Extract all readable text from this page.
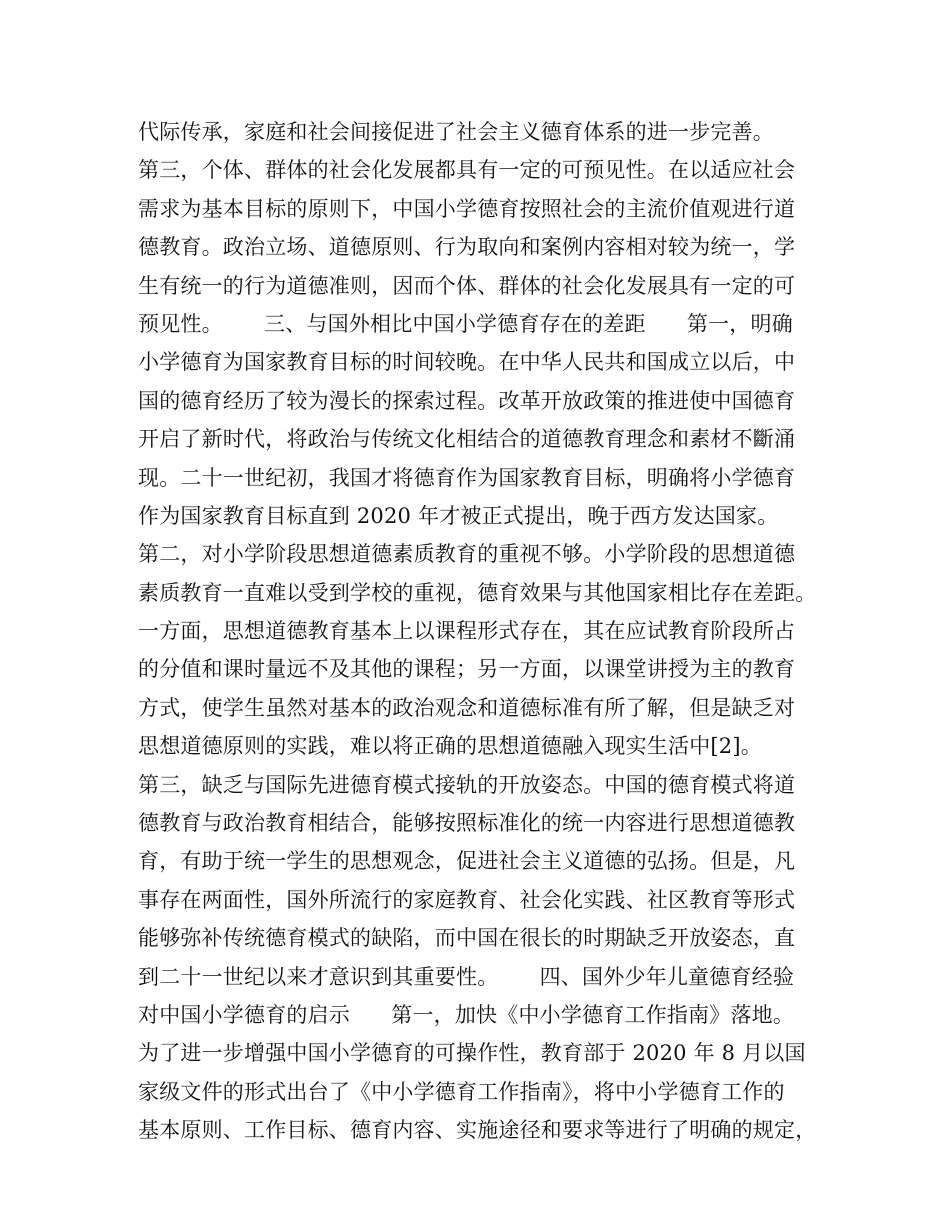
代际传承，家庭和社会间接促进了社会主义德育体系的进一步完善。
第三，个体、群体的社会化发展都具有一定的可预见性。在以适应社会
需求为基本目标的原则下，中国小学德育按照社会的主流价值观进行道
德教育。政治立场、道德原则、行为取向和案例内容相对较为统一，学
生有统一的行为道德准则，因而个体、群体的社会化发展具有一定的可
预见性。      三、与国外相比中国小学德育存在的差距      第一，明确
小学德育为国家教育目标的时间较晚。在中华人民共和国成立以后，中
国的德育经历了较为漫长的探索过程。改革开放政策的推进使中国德育
开启了新时代，将政治与传统文化相结合的道德教育理念和素材不斷涌
现。二十一世纪初，我国才将德育作为国家教育目标，明确将小学德育
作为国家教育目标直到 2020 年才被正式提出，晚于西方发达国家。
第二，对小学阶段思想道德素质教育的重视不够。小学阶段的思想道德
素质教育一直难以受到学校的重视，德育效果与其他国家相比存在差距。
一方面，思想道德教育基本上以课程形式存在，其在应试教育阶段所占
的分值和课时量远不及其他的课程；另一方面，以课堂讲授为主的教育
方式，使学生虽然对基本的政治观念和道德标准有所了解，但是缺乏对
思想道德原则的实践，难以将正确的思想道德融入现实生活中[2]。
第三，缺乏与国际先进德育模式接轨的开放姿态。中国的德育模式将道
德教育与政治教育相结合，能够按照标准化的统一内容进行思想道德教
育，有助于统一学生的思想观念，促进社会主义道德的弘扬。但是，凡
事存在两面性，国外所流行的家庭教育、社会化实践、社区教育等形式
能够弥补传统德育模式的缺陷，而中国在很长的时期缺乏开放姿态，直
到二十一世纪以来才意识到其重要性。      四、国外少年儿童德育经验
对中国小学德育的启示      第一，加快《中小学德育工作指南》落地。
为了进一步增强中国小学德育的可操作性，教育部于 2020 年 8 月以国
家级文件的形式出台了《中小学德育工作指南》，将中小学德育工作的
基本原则、工作目标、德育内容、实施途径和要求等进行了明确的规定，
